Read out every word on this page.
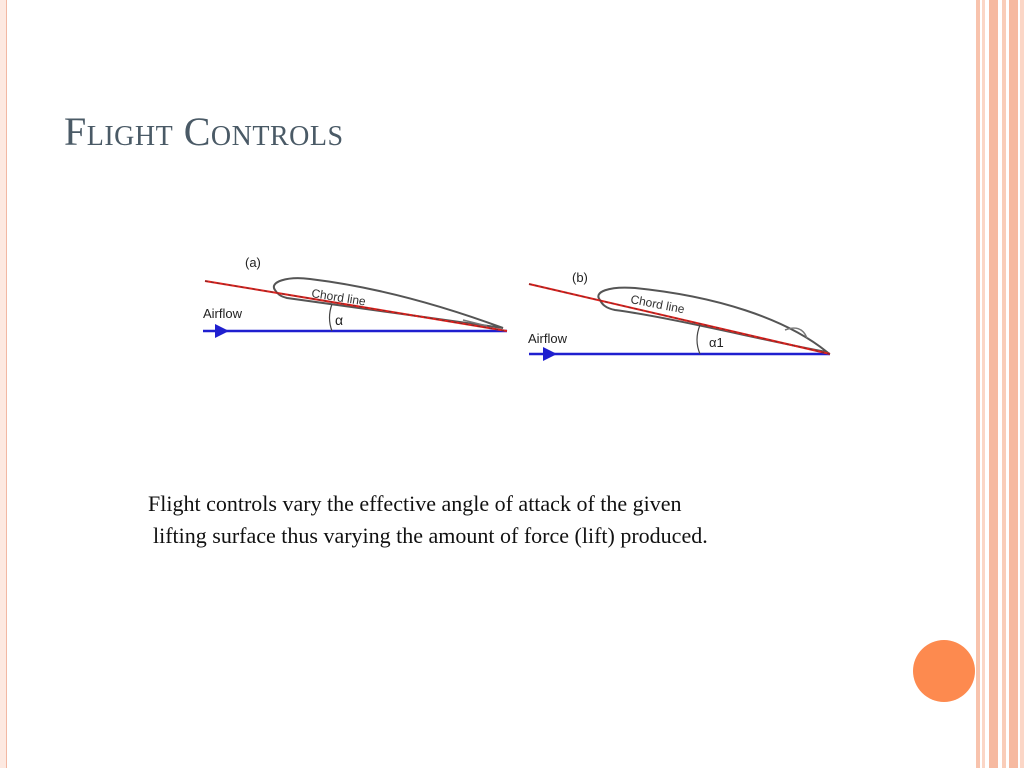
Flight Controls
(a)
Airflow
Chord line
α
(b)
Airflow
Chord line
α1

Flight controls vary the effective angle of attack of the given

lifting surface thus varying the amount of force (lift) produced.
